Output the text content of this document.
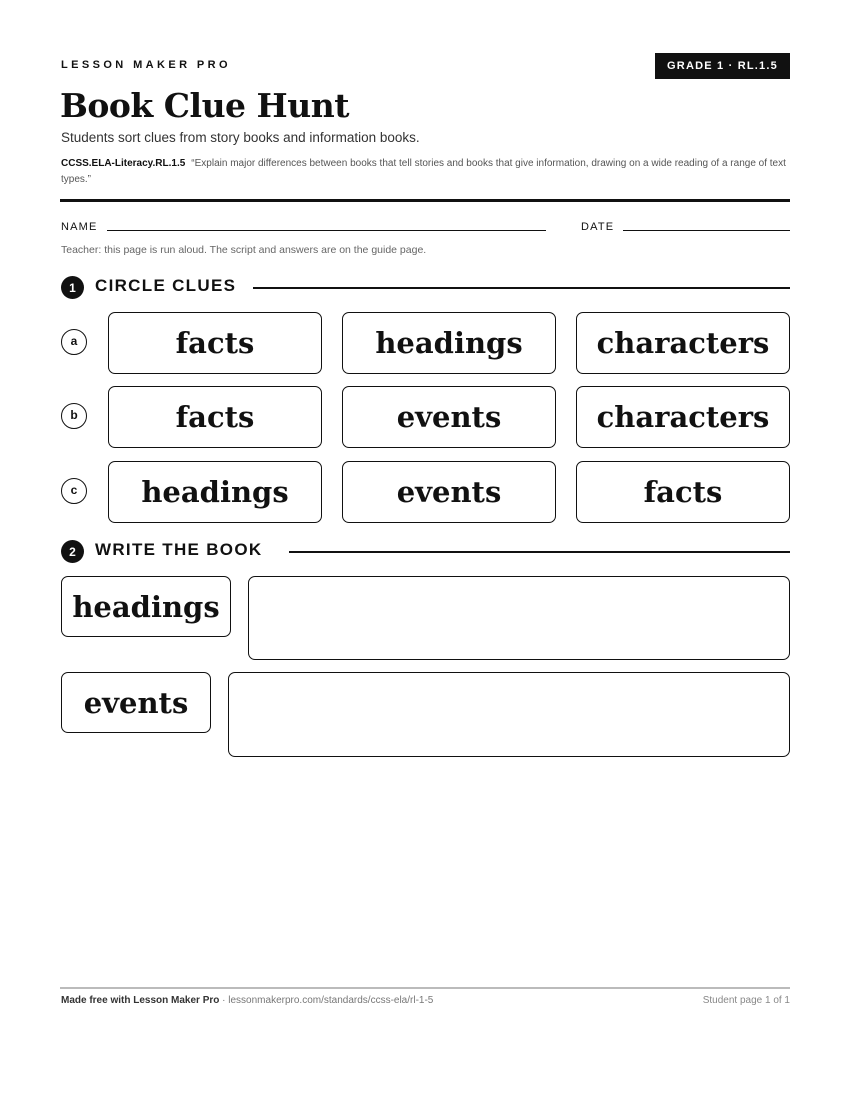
LESSON MAKER PRO	GRADE 1 · RL.1.5
Book Clue Hunt
Students sort clues from story books and information books.
CCSS.ELA-Literacy.RL.1.5 “Explain major differences between books that tell stories and books that give information, drawing on a wide reading of a range of text types.”
NAME	DATE
Teacher: this page is run aloud. The script and answers are on the guide page.
1	CIRCLE CLUES
a	facts	headings	characters
b	facts	events	characters
c	headings	events	facts
2	WRITE THE BOOK
headings
events
Made free with Lesson Maker Pro · lessonmakerpro.com/standards/ccss-ela/rl-1-5	Student page 1 of 1
